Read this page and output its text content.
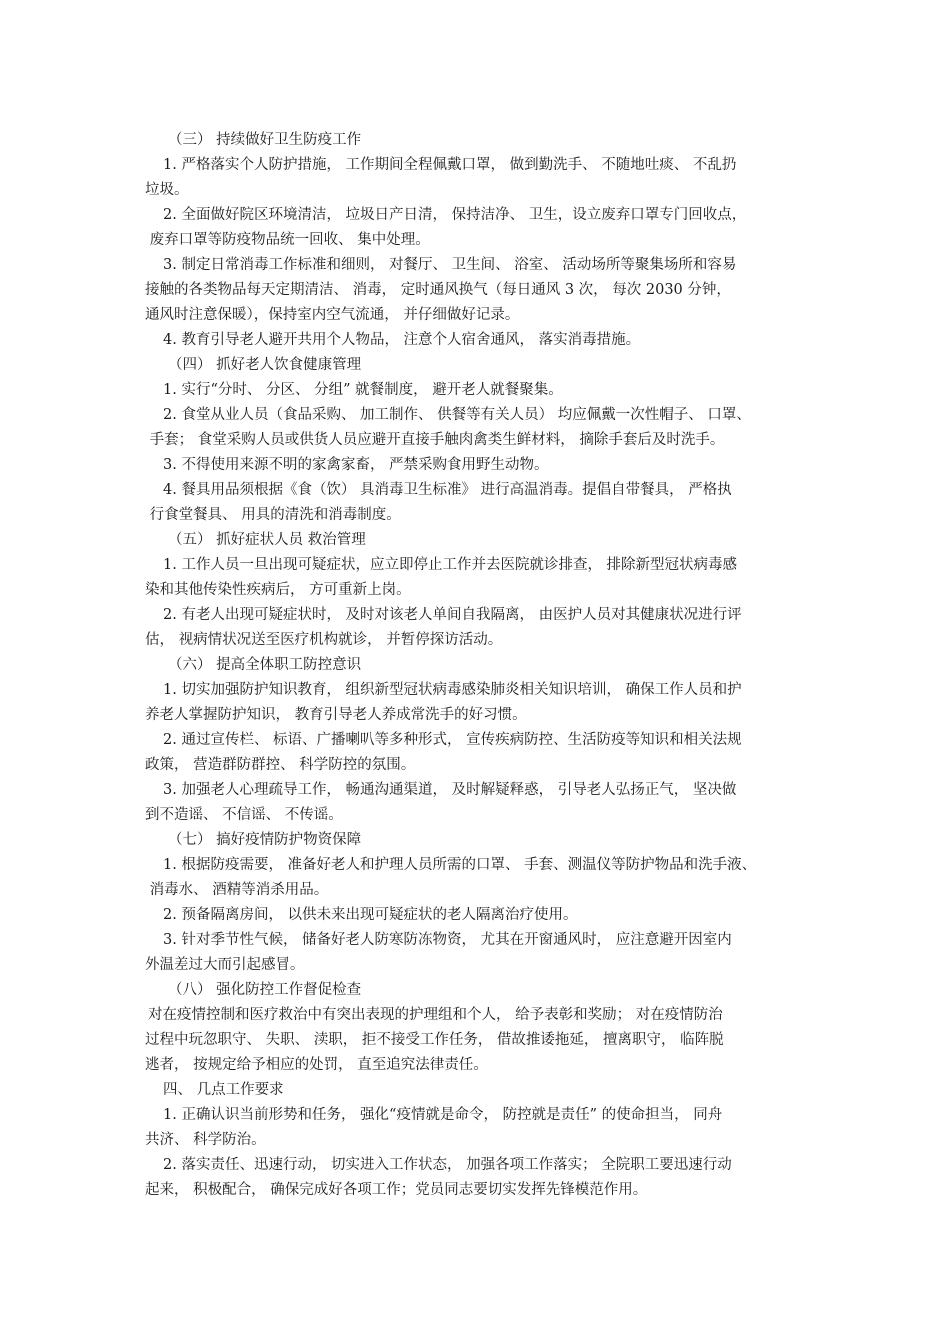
（三） 持续做好卫生防疫工作
1. 严格落实个人防护措施， 工作期间全程佩戴口罩， 做到勤洗手、 不随地吐痰、 不乱扔
垃圾。
2. 全面做好院区环境清洁， 垃圾日产日清， 保持洁净、 卫生，设立废弃口罩专门回收点，
废弃口罩等防疫物品统一回收、 集中处理。
3. 制定日常消毒工作标准和细则， 对餐厅、 卫生间、 浴室、 活动场所等聚集场所和容易
接触的各类物品每天定期清洁、 消毒， 定时通风换气（每日通风 3 次， 每次 2030 分钟，
通风时注意保暖），保持室内空气流通， 并仔细做好记录。
4. 教育引导老人避开共用个人物品， 注意个人宿舍通风， 落实消毒措施。
（四） 抓好老人饮食健康管理
1. 实行“分时、 分区、 分组” 就餐制度， 避开老人就餐聚集。
2. 食堂从业人员（食品采购、 加工制作、 供餐等有关人员） 均应佩戴一次性帽子、 口罩、
手套； 食堂采购人员或供货人员应避开直接手触肉禽类生鲜材料， 摘除手套后及时洗手。
3. 不得使用来源不明的家禽家畜， 严禁采购食用野生动物。
4. 餐具用品须根据《食（饮） 具消毒卫生标准》 进行高温消毒。提倡自带餐具， 严格执
行食堂餐具、 用具的清洗和消毒制度。
（五） 抓好症状人员 救治管理
1. 工作人员一旦出现可疑症状，应立即停止工作并去医院就诊排查， 排除新型冠状病毒感
染和其他传染性疾病后， 方可重新上岗。
2. 有老人出现可疑症状时， 及时对该老人单间自我隔离， 由医护人员对其健康状况进行评
估， 视病情状况送至医疗机构就诊， 并暂停探访活动。
（六） 提高全体职工防控意识
1. 切实加强防护知识教育， 组织新型冠状病毒感染肺炎相关知识培训， 确保工作人员和护
养老人掌握防护知识， 教育引导老人养成常洗手的好习惯。
2. 通过宣传栏、 标语、广播喇叭等多种形式， 宣传疾病防控、生活防疫等知识和相关法规
政策， 营造群防群控、 科学防控的氛围。
3. 加强老人心理疏导工作， 畅通沟通渠道， 及时解疑释惑， 引导老人弘扬正气， 坚决做
到不造谣、 不信谣、 不传谣。
（七） 搞好疫情防护物资保障
1. 根据防疫需要， 准备好老人和护理人员所需的口罩、 手套、测温仪等防护物品和洗手液、
消毒水、 酒精等消杀用品。
2. 预备隔离房间， 以供未来出现可疑症状的老人隔离治疗使用。
3. 针对季节性气候， 储备好老人防寒防冻物资， 尤其在开窗通风时， 应注意避开因室内
外温差过大而引起感冒。
（八） 强化防控工作督促检查
对在疫情控制和医疗救治中有突出表现的护理组和个人， 给予表彰和奖励； 对在疫情防治
过程中玩忽职守、 失职、 渎职， 拒不接受工作任务， 借故推诿拖延， 擅离职守， 临阵脱
逃者， 按规定给予相应的处罚， 直至追究法律责任。
四、 几点工作要求
1. 正确认识当前形势和任务， 强化“疫情就是命令， 防控就是责任” 的使命担当， 同舟
共济、 科学防治。
2. 落实责任、迅速行动， 切实进入工作状态， 加强各项工作落实； 全院职工要迅速行动
起来， 积极配合， 确保完成好各项工作；党员同志要切实发挥先锋模范作用。
